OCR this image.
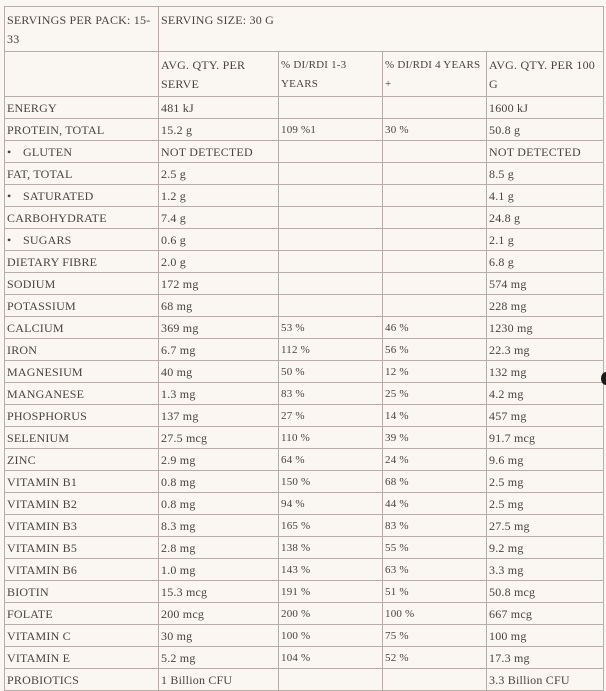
SERVINGS PER PACK: 15-33	SERVING SIZE: 30 G			
	AVG. QTY. PER SERVE	% DI/RDI 1-3 YEARS	% DI/RDI 4 YEARS +	AVG. QTY. PER 100 G
ENERGY	481 kJ			1600 kJ
PROTEIN, TOTAL	15.2 g	109 %1	30 %	50.8 g
• GLUTEN	NOT DETECTED			NOT DETECTED
FAT, TOTAL	2.5 g			8.5 g
• SATURATED	1.2 g			4.1 g
CARBOHYDRATE	7.4 g			24.8 g
• SUGARS	0.6 g			2.1 g
DIETARY FIBRE	2.0 g			6.8 g
SODIUM	172 mg			574 mg
POTASSIUM	68 mg			228 mg
CALCIUM	369 mg	53 %	46 %	1230 mg
IRON	6.7 mg	112 %	56 %	22.3 mg
MAGNESIUM	40 mg	50 %	12 %	132 mg
MANGANESE	1.3 mg	83 %	25 %	4.2 mg
PHOSPHORUS	137 mg	27 %	14 %	457 mg
SELENIUM	27.5 mcg	110 %	39 %	91.7 mcg
ZINC	2.9 mg	64 %	24 %	9.6 mg
VITAMIN B1	0.8 mg	150 %	68 %	2.5 mg
VITAMIN B2	0.8 mg	94 %	44 %	2.5 mg
VITAMIN B3	8.3 mg	165 %	83 %	27.5 mg
VITAMIN B5	2.8 mg	138 %	55 %	9.2 mg
VITAMIN B6	1.0 mg	143 %	63 %	3.3 mg
BIOTIN	15.3 mcg	191 %	51 %	50.8 mcg
FOLATE	200 mcg	200 %	100 %	667 mcg
VITAMIN C	30 mg	100 %	75 %	100 mg
VITAMIN E	5.2 mg	104 %	52 %	17.3 mg
PROBIOTICS	1 Billion CFU			3.3 Billion CFU
